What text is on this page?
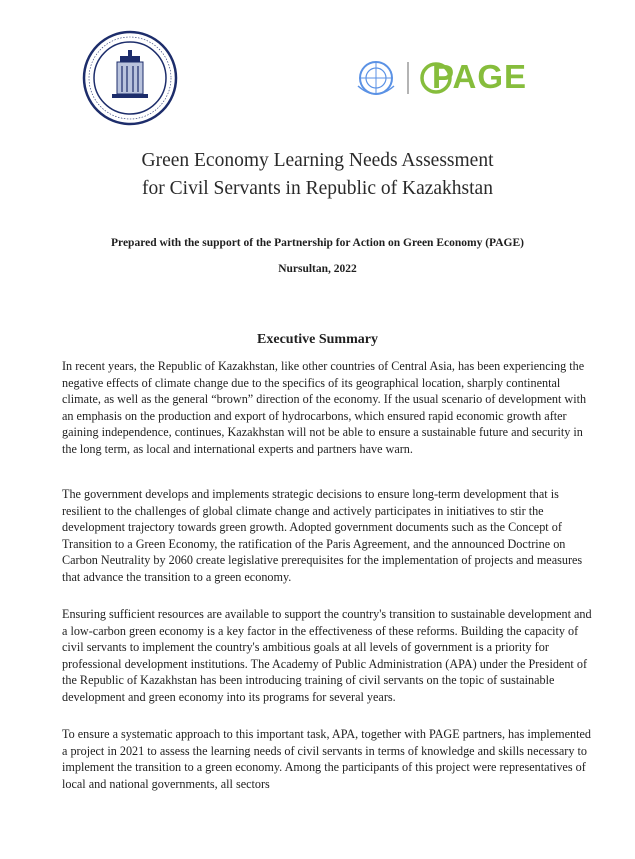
PAGE
Green Economy Learning Needs Assessment
for Civil Servants in Republic of Kazakhstan
Prepared with the support of the Partnership for Action on Green Economy (PAGE)
Nursultan, 2022
Executive Summary

In recent years, the Republic of Kazakhstan, like other countries of Central Asia, has been experiencing the negative effects of climate change due to the specifics of its geographical location, sharply continental climate, as well as the general “brown” direction of the economy. If the usual scenario of development with an emphasis on the production and export of hydrocarbons, which ensured rapid economic growth after gaining independence, continues, Kazakhstan will not be able to ensure a sustainable future and security in the long term, as local and international experts and partners have warn.

The government develops and implements strategic decisions to ensure long-term development that is resilient to the challenges of global climate change and actively participates in initiatives to stir the development trajectory towards green growth. Adopted government documents such as the Concept of Transition to a Green Economy, the ratification of the Paris Agreement, and the announced Doctrine on Carbon Neutrality by 2060 create legislative prerequisites for the implementation of projects and measures that advance the transition to a green economy.

Ensuring sufficient resources are available to support the country's transition to sustainable development and a low-carbon green economy is a key factor in the effectiveness of these reforms. Building the capacity of civil servants to implement the country's ambitious goals at all levels of government is a priority for professional development institutions. The Academy of Public Administration (APA) under the President of the Republic of Kazakhstan has been introducing training of civil servants on the topic of sustainable development and green economy into its programs for several years.

To ensure a systematic approach to this important task, APA, together with PAGE partners, has implemented a project in 2021 to assess the learning needs of civil servants in terms of knowledge and skills necessary to implement the transition to a green economy. Among the participants of this project were representatives of local and national governments, all sectors
